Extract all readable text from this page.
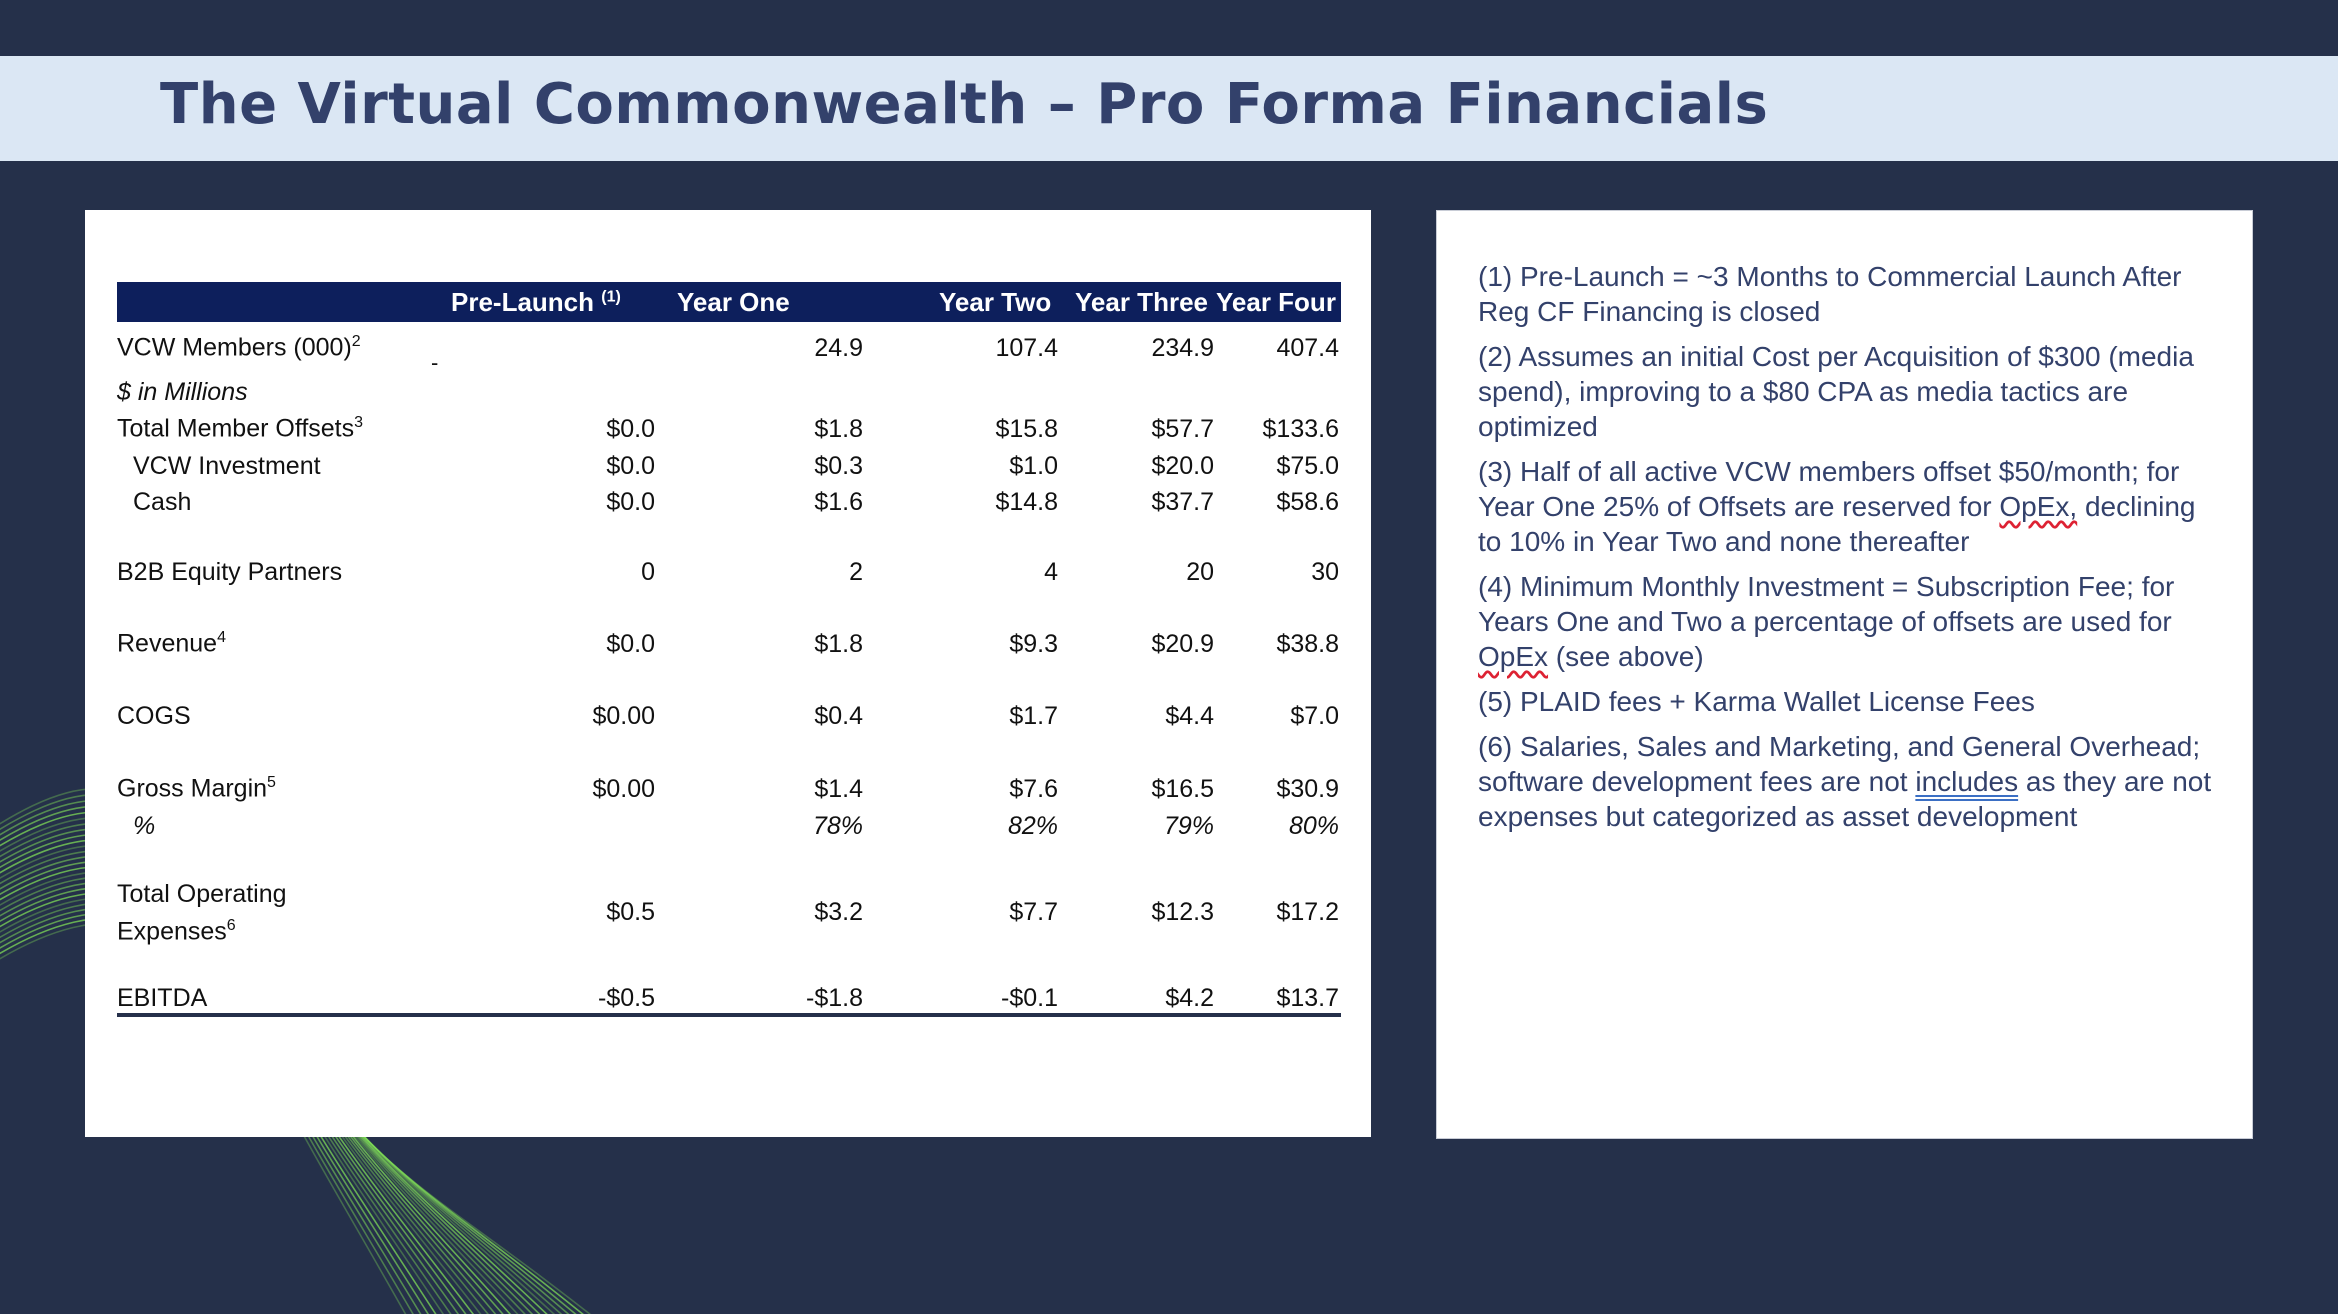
The Virtual Commonwealth – Pro Forma Financials
	Pre-Launch $^{(1)}$	Year One	Year Two	Year Three	Year Four
VCW Members $(000)^2$	-	24.9	107.4	234.9	407.4
$ in Millions					
Total Member Offsets$^3$	$0.0	$1.8	$15.8	$57.7	$133.6
VCW Investment	$0.0	$0.3	$1.0	$20.0	$75.0
Cash	$0.0	$1.6	$14.8	$37.7	$58.6

B2B Equity Partners	0	2	4	20	30

Revenue$^4$	$0.0	$1.8	$9.3	$20.9	$38.8

COGS	$0.00	$0.4	$1.7	$4.4	$7.0

Gross Margin$^5$	$0.00	$1.4	$7.6	$16.5	$30.9
%		78%	82%	79%	80%

Total Operating
Expenses$^6$	$0.5	$3.2	$7.7	$12.3	$17.2

EBITDA	-$0.5	-$1.8	-$0.1	$4.2	$13.7

(1) Pre-Launch = ~3 Months to Commercial Launch After Reg CF Financing is closed

(2) Assumes an initial Cost per Acquisition of $300 (media spend), improving to a $80 CPA as media tactics are optimized

(3) Half of all active VCW members offset $50/month; for Year One 25% of Offsets are reserved for OpEx, declining to 10% in Year Two and none thereafter

(4) Minimum Monthly Investment = Subscription Fee; for Years One and Two a percentage of offsets are used for OpEx (see above)

(5) PLAID fees + Karma Wallet License Fees

(6) Salaries, Sales and Marketing, and General Overhead; software development fees are not includes as they are not expenses but categorized as asset development
